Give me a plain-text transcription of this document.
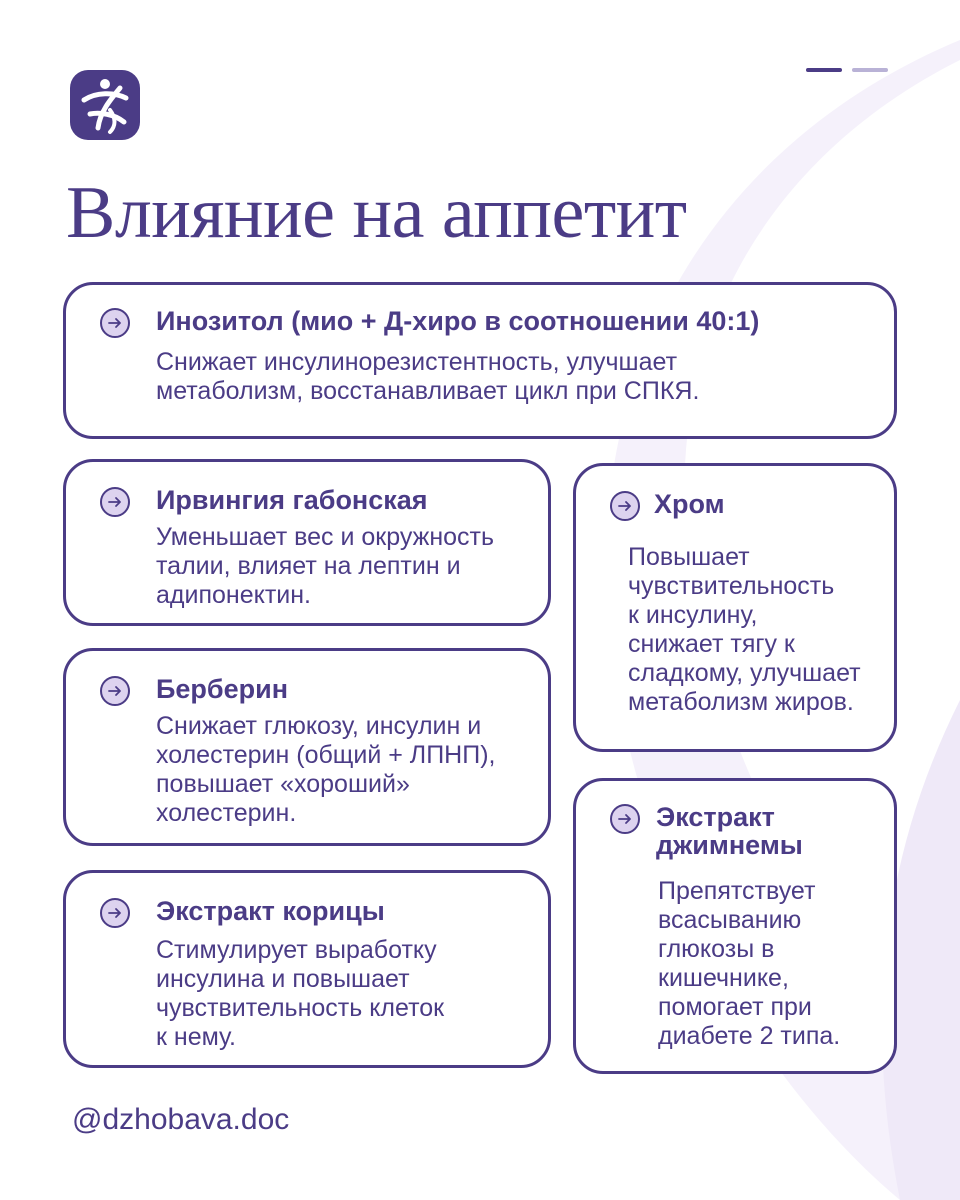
Влияние на аппетит
Инозитол (мио + Д-хиро в соотношении 40:1)

Снижает инсулинорезистентность, улучшает
метаболизм, восстанавливает цикл при СПКЯ.

Ирвингия габонская

Уменьшает вес и окружность
талии, влияет на лептин и
адипонектин.

Берберин

Снижает глюкозу, инсулин и
холестерин (общий + ЛПНП),
повышает «хороший»
холестерин.

Экстракт корицы

Стимулирует выработку
инсулина и повышает
чувствительность клеток
к нему.

Хром

Повышает
чувствительность
к инсулину,
снижает тягу к
сладкому, улучшает
метаболизм жиров.

Экстракт
джимнемы

Препятствует
всасыванию
глюкозы в
кишечнике,
помогает при
диабете 2 типа.

@dzhobava.doc
